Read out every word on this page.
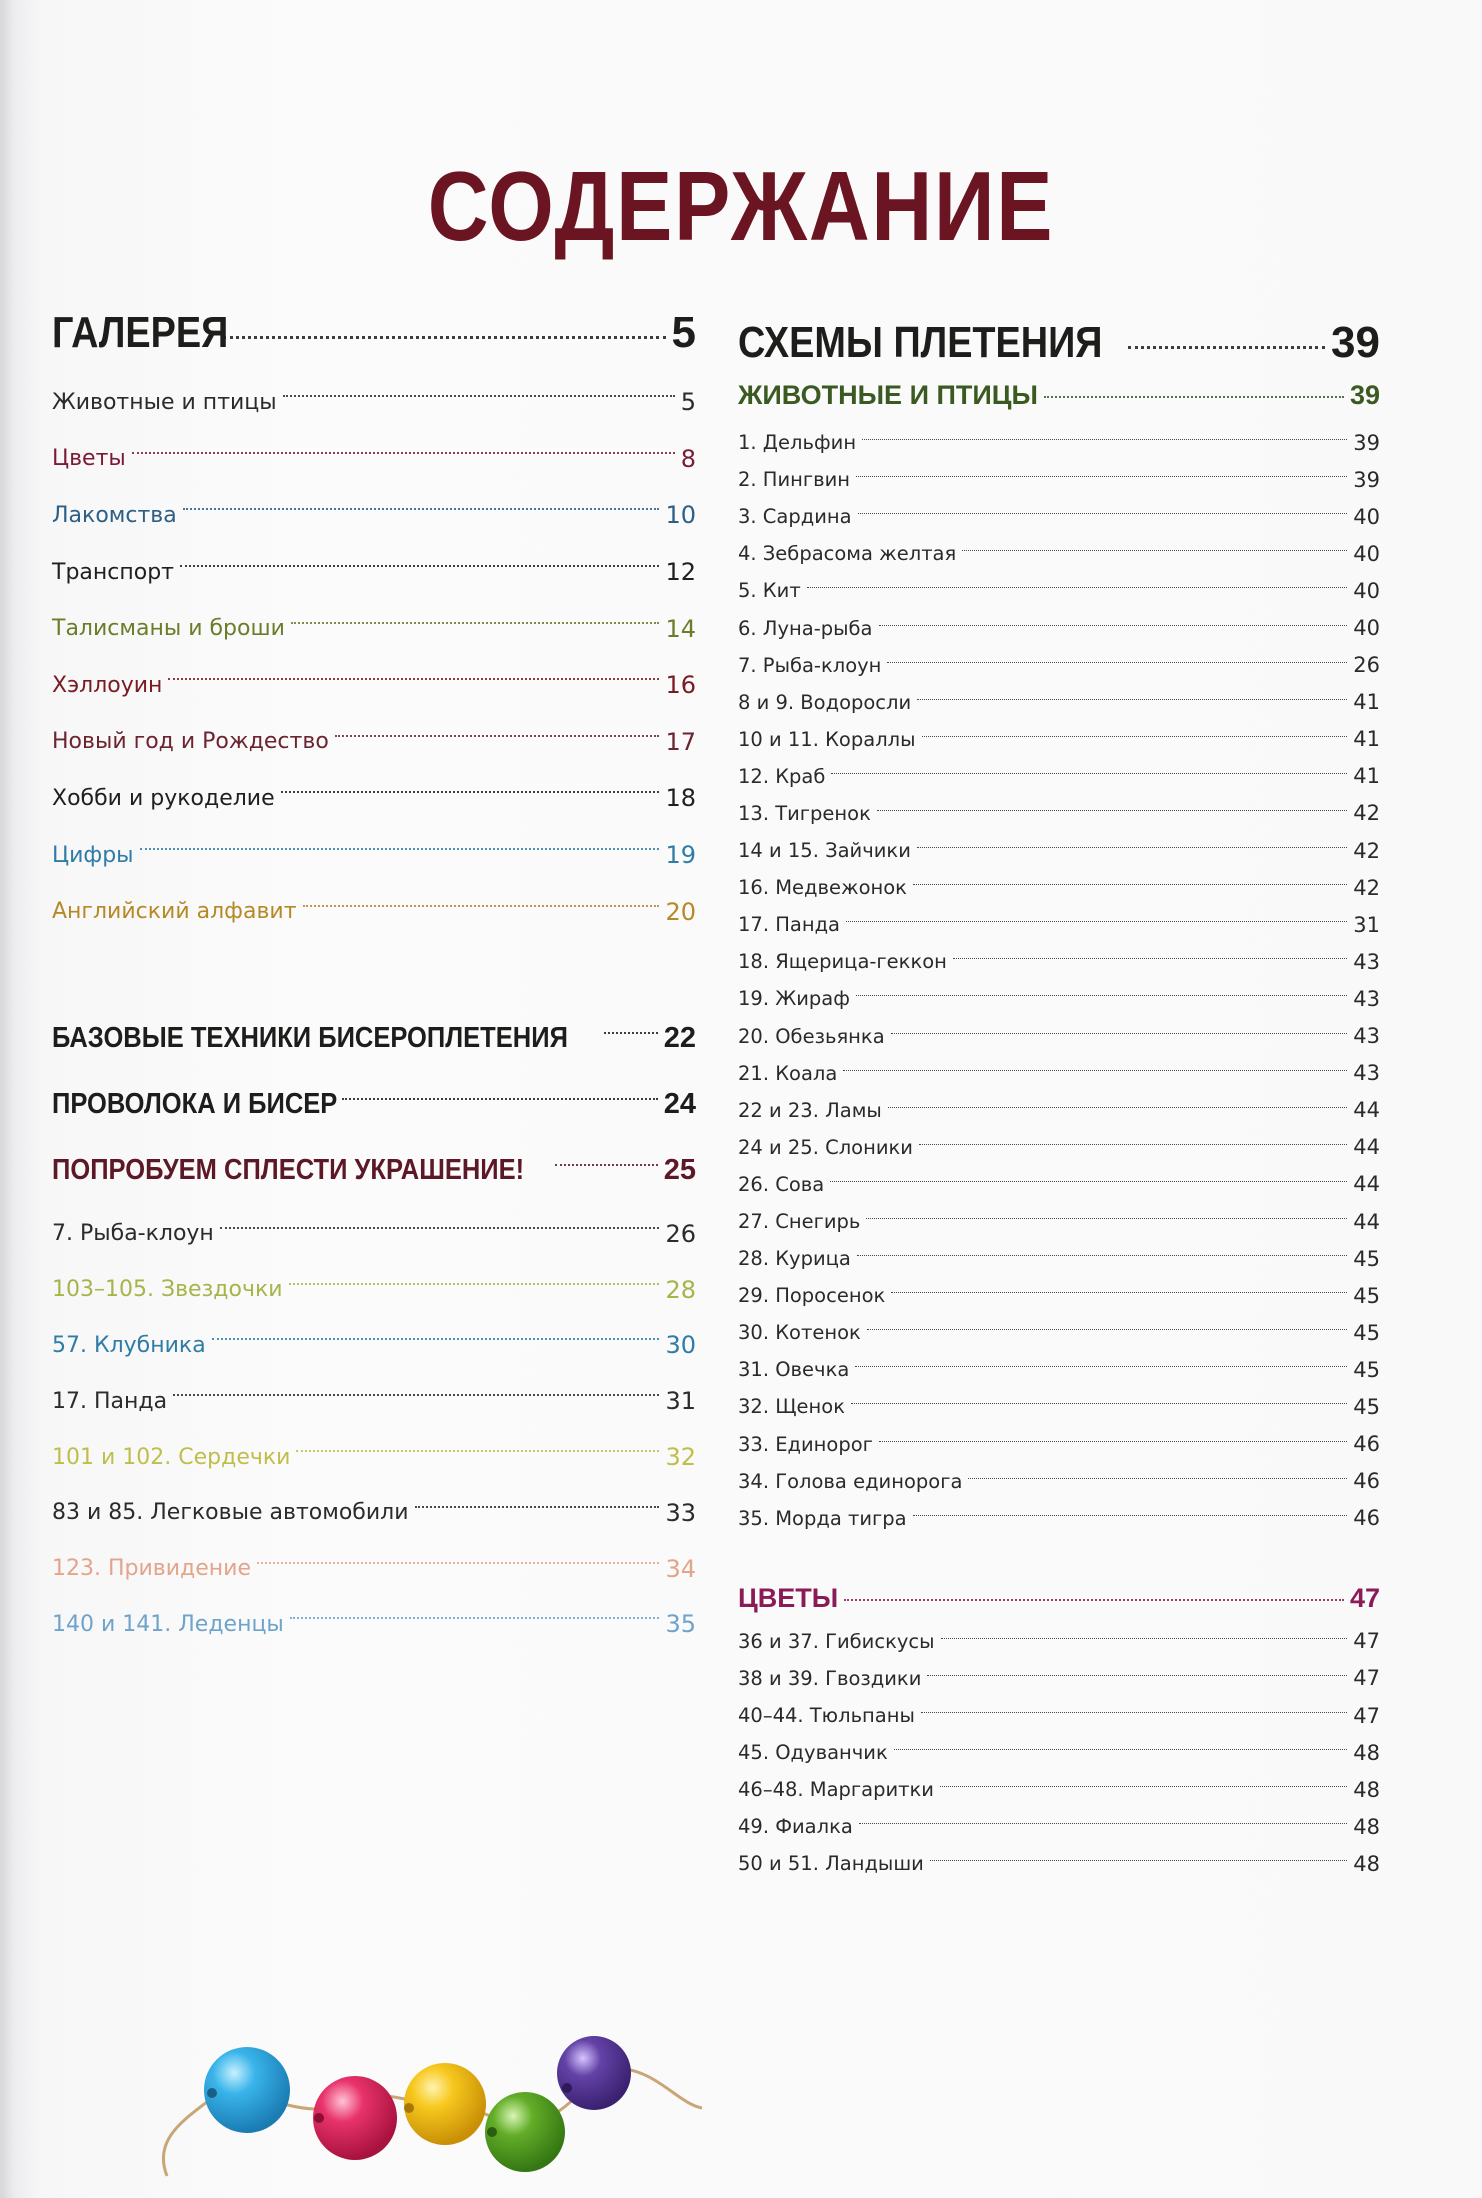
СОДЕРЖАНИЕ
ГАЛЕРЕЯ	5
Животные и птицы	5
Цветы	8
Лакомства	10
Транспорт	12
Талисманы и броши	14
Хэллоуин	16
Новый год и Рождество	17
Хобби и рукоделие	18
Цифры	19
Английский алфавит	20
БАЗОВЫЕ ТЕХНИКИ БИСЕРОПЛЕТЕНИЯ	22
ПРОВОЛОКА И БИСЕР	24
ПОПРОБУЕМ СПЛЕСТИ УКРАШЕНИЕ!	25
7. Рыба-клоун	26
103–105. Звездочки	28
57. Клубника	30
17. Панда	31
101 и 102. Сердечки	32
83 и 85. Легковые автомобили	33
123. Привидение	34
140 и 141. Леденцы	35
СХЕМЫ ПЛЕТЕНИЯ	39
ЖИВОТНЫЕ И ПТИЦЫ	39
1. Дельфин	39
2. Пингвин	39
3. Сардина	40
4. Зебрасома желтая	40
5. Кит	40
6. Луна-рыба	40
7. Рыба-клоун	26
8 и 9. Водоросли	41
10 и 11. Кораллы	41
12. Краб	41
13. Тигренок	42
14 и 15. Зайчики	42
16. Медвежонок	42
17. Панда	31
18. Ящерица-геккон	43
19. Жираф	43
20. Обезьянка	43
21. Коала	43
22 и 23. Ламы	44
24 и 25. Слоники	44
26. Сова	44
27. Снегирь	44
28. Курица	45
29. Поросенок	45
30. Котенок	45
31. Овечка	45
32. Щенок	45
33. Единорог	46
34. Голова единорога	46
35. Морда тигра	46
ЦВЕТЫ	47
36 и 37. Гибискусы	47
38 и 39. Гвоздики	47
40–44. Тюльпаны	47
45. Одуванчик	48
46–48. Маргаритки	48
49. Фиалка	48
50 и 51. Ландыши	48
